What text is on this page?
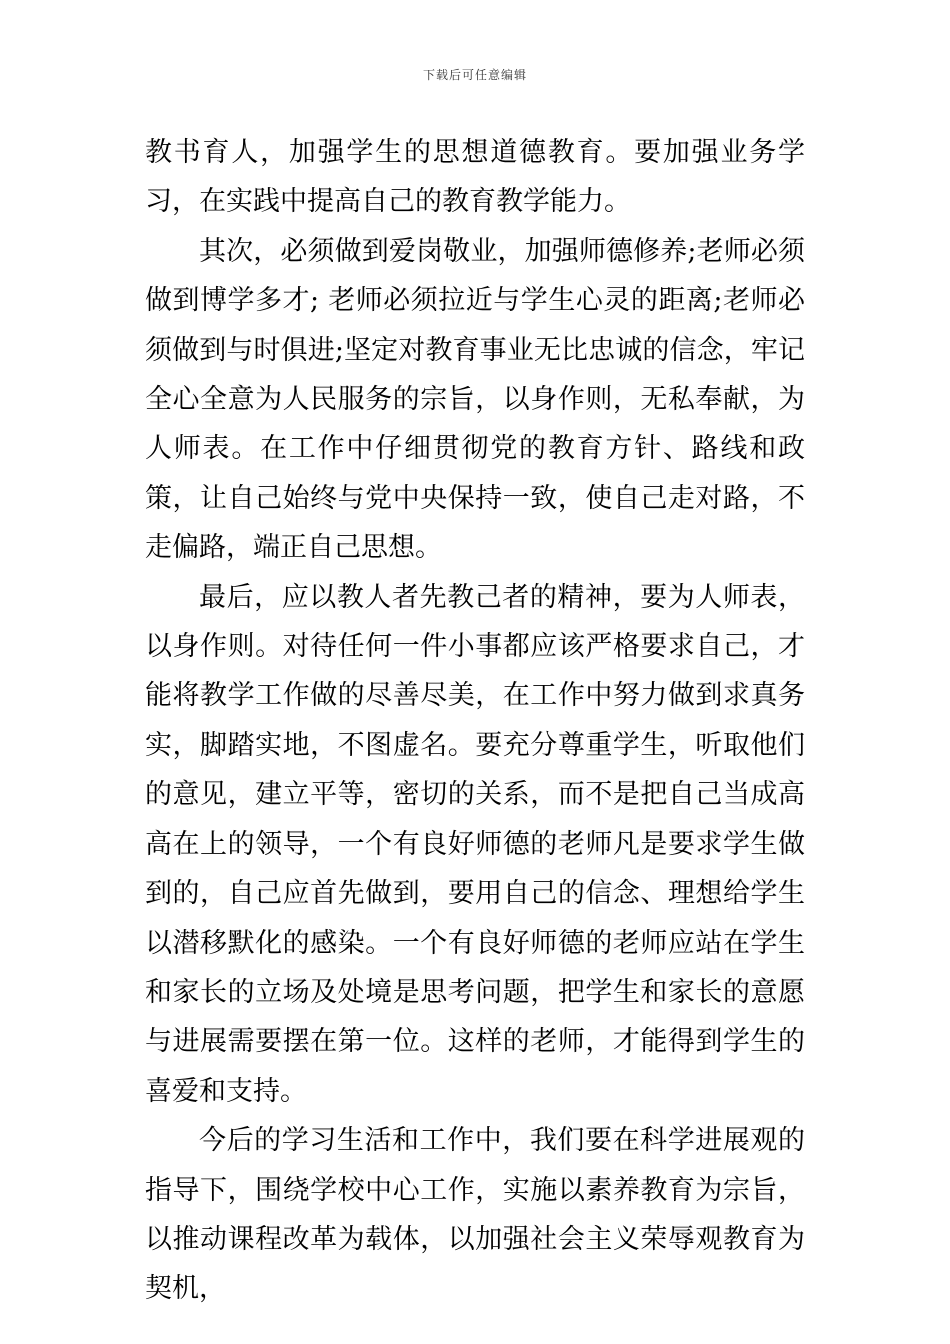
下载后可任意编辑

教书育人，加强学生的思想道德教育。要加强业务学习，在实践中提高自己的教育教学能力。

其次，必须做到爱岗敬业，加强师德修养;老师必须做到博学多才; 老师必须拉近与学生心灵的距离;老师必须做到与时俱进;坚定对教育事业无比忠诚的信念，牢记全心全意为人民服务的宗旨，以身作则，无私奉献，为人师表。在工作中仔细贯彻党的教育方针、路线和政策，让自己始终与党中央保持一致，使自己走对路，不走偏路，端正自己思想。

最后，应以教人者先教己者的精神，要为人师表，以身作则。对待任何一件小事都应该严格要求自己，才能将教学工作做的尽善尽美，在工作中努力做到求真务实，脚踏实地，不图虚名。要充分尊重学生，听取他们的意见，建立平等，密切的关系，而不是把自己当成高高在上的领导，一个有良好师德的老师凡是要求学生做到的，自己应首先做到，要用自己的信念、理想给学生以潜移默化的感染。一个有良好师德的老师应站在学生和家长的立场及处境是思考问题，把学生和家长的意愿与进展需要摆在第一位。这样的老师，才能得到学生的喜爱和支持。

今后的学习生活和工作中，我们要在科学进展观的指导下，围绕学校中心工作，实施以素养教育为宗旨，以推动课程改革为载体，以加强社会主义荣辱观教育为契机，
